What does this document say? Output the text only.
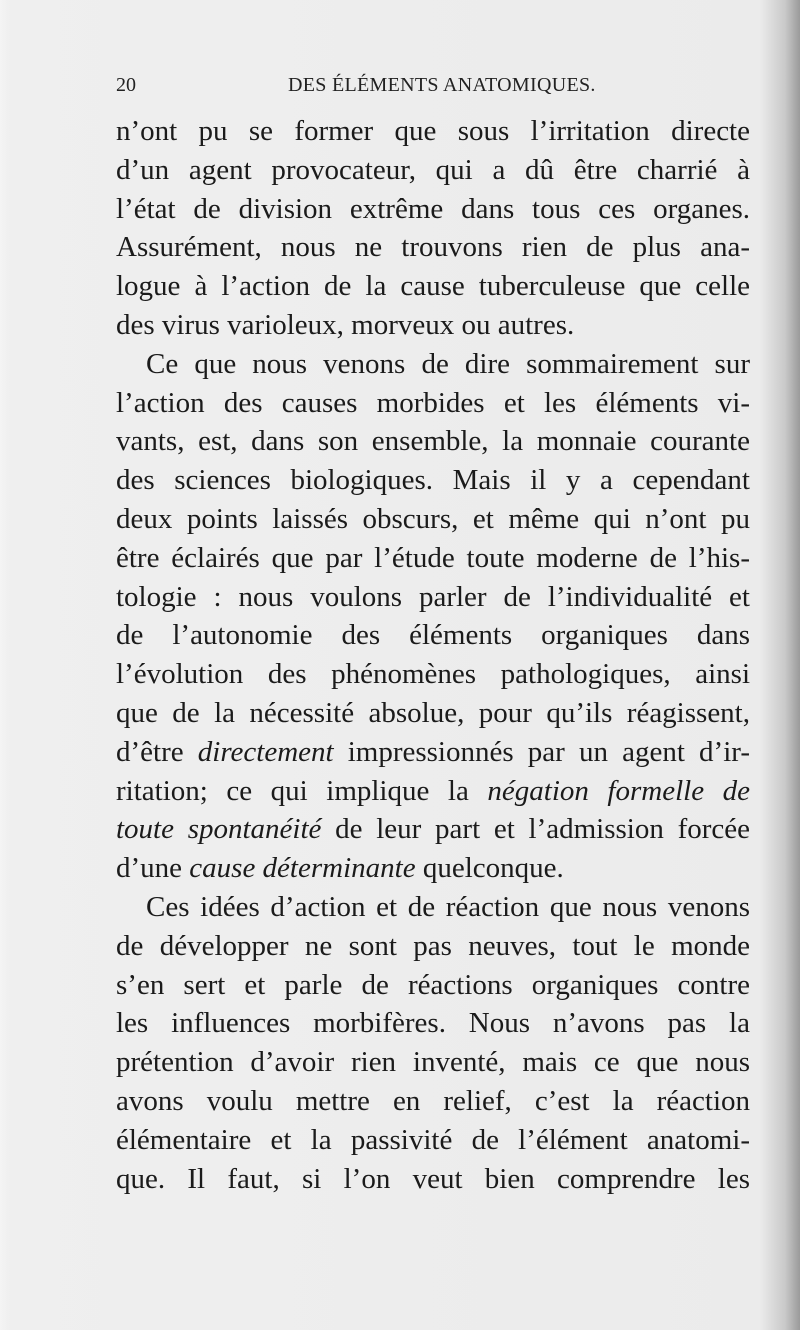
20	DES ÉLÉMENTS ANATOMIQUES.
n’ont pu se former que sous l’irritation directe
d’un agent provocateur, qui a dû être charrié à
l’état de division extrême dans tous ces organes.
Assurément, nous ne trouvons rien de plus ana-
logue à l’action de la cause tuberculeuse que celle
des virus varioleux, morveux ou autres.
Ce que nous venons de dire sommairement sur
l’action des causes morbides et les éléments vi-
vants, est, dans son ensemble, la monnaie courante
des sciences biologiques. Mais il y a cependant
deux points laissés obscurs, et même qui n’ont pu
être éclairés que par l’étude toute moderne de l’his-
tologie : nous voulons parler de l’individualité et
de l’autonomie des éléments organiques dans
l’évolution des phénomènes pathologiques, ainsi
que de la nécessité absolue, pour qu’ils réagissent,
d’être directement impressionnés par un agent d’ir-
ritation; ce qui implique la négation formelle de
toute spontanéité de leur part et l’admission forcée
d’une cause déterminante quelconque.
Ces idées d’action et de réaction que nous venons
de développer ne sont pas neuves, tout le monde
s’en sert et parle de réactions organiques contre
les influences morbifères. Nous n’avons pas la
prétention d’avoir rien inventé, mais ce que nous
avons voulu mettre en relief, c’est la réaction
élémentaire et la passivité de l’élément anatomi-
que. Il faut, si l’on veut bien comprendre les
